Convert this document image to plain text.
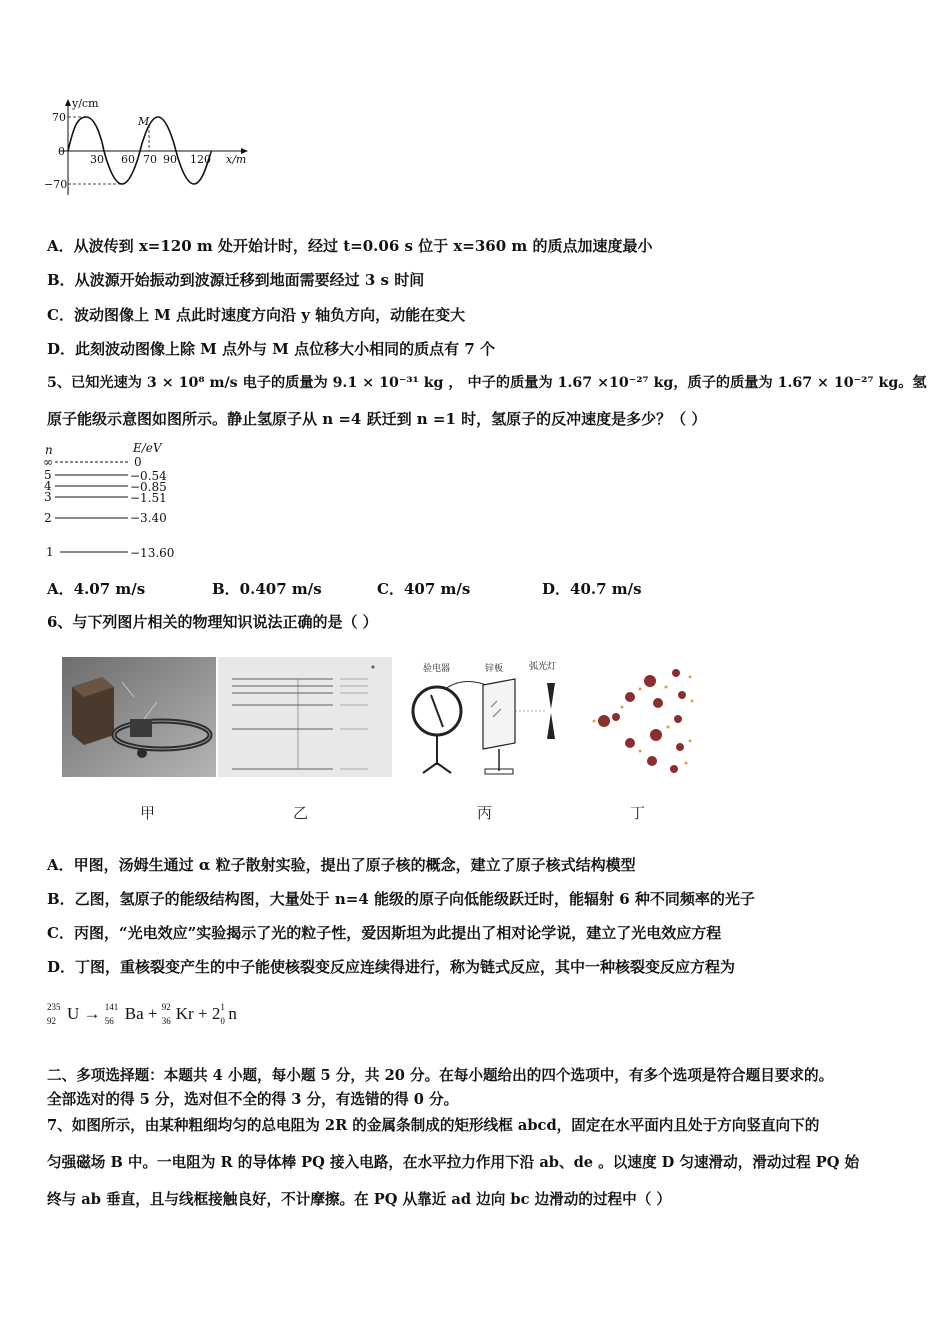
y/cm
x/m
70
0
−70
30 60 70 90 120
M
A．从波传到 x=120 m 处开始计时，经过 t=0.06 s 位于 x=360 m 的质点加速度最小
B．从波源开始振动到波源迁移到地面需要经过 3 s 时间
C．波动图像上 M 点此时速度方向沿 y 轴负方向，动能在变大
D．此刻波动图像上除 M 点外与 M 点位移大小相同的质点有 7 个
5、已知光速为 3 × 10⁸ m/s 电子的质量为 9.1 × 10⁻³¹ kg ， 中子的质量为 1.67 ×10⁻²⁷ kg，质子的质量为 1.67 × 10⁻²⁷ kg。氢
原子能级示意图如图所示。静止氢原子从 n =4 跃迁到 n =1 时，氢原子的反冲速度是多少？（ ）
n	E/eV
∞	0
5	−0.54
4	−0.85
3	−1.51
2	−3.40
1	−13.60
A．4.07 m/s	B．0.407 m/s	C．407 m/s	D．40.7 m/s
6、与下列图片相关的物理知识说法正确的是（ ）
验电器	锌板	弧光灯
甲	乙	丙	丁
A．甲图，汤姆生通过 α 粒子散射实验，提出了原子核的概念，建立了原子核式结构模型
B．乙图，氢原子的能级结构图，大量处于 n=4 能级的原子向低能级跃迁时，能辐射 6 种不同频率的光子
C．丙图，“光电效应”实验揭示了光的粒子性，爱因斯坦为此提出了相对论学说，建立了光电效应方程
D．丁图，重核裂变产生的中子能使核裂变反应连续得进行，称为链式反应，其中一种核裂变反应方程为
235
92 U → 141
56 Ba + 92
36 Kr + 2 1
0 n
二、多项选择题：本题共 4 小题，每小题 5 分，共 20 分。在每小题给出的四个选项中，有多个选项是符合题目要求的。
全部选对的得 5 分，选对但不全的得 3 分，有选错的得 0 分。
7、如图所示，由某种粗细均匀的总电阻为 2R 的金属条制成的矩形线框 abcd，固定在水平面内且处于方向竖直向下的
匀强磁场 B 中。一电阻为 R 的导体棒 PQ 接入电路，在水平拉力作用下沿 ab、de 。以速度 D 匀速滑动，滑动过程 PQ 始
终与 ab 垂直，且与线框接触良好，不计摩擦。在 PQ 从靠近 ad 边向 bc 边滑动的过程中（ ）
